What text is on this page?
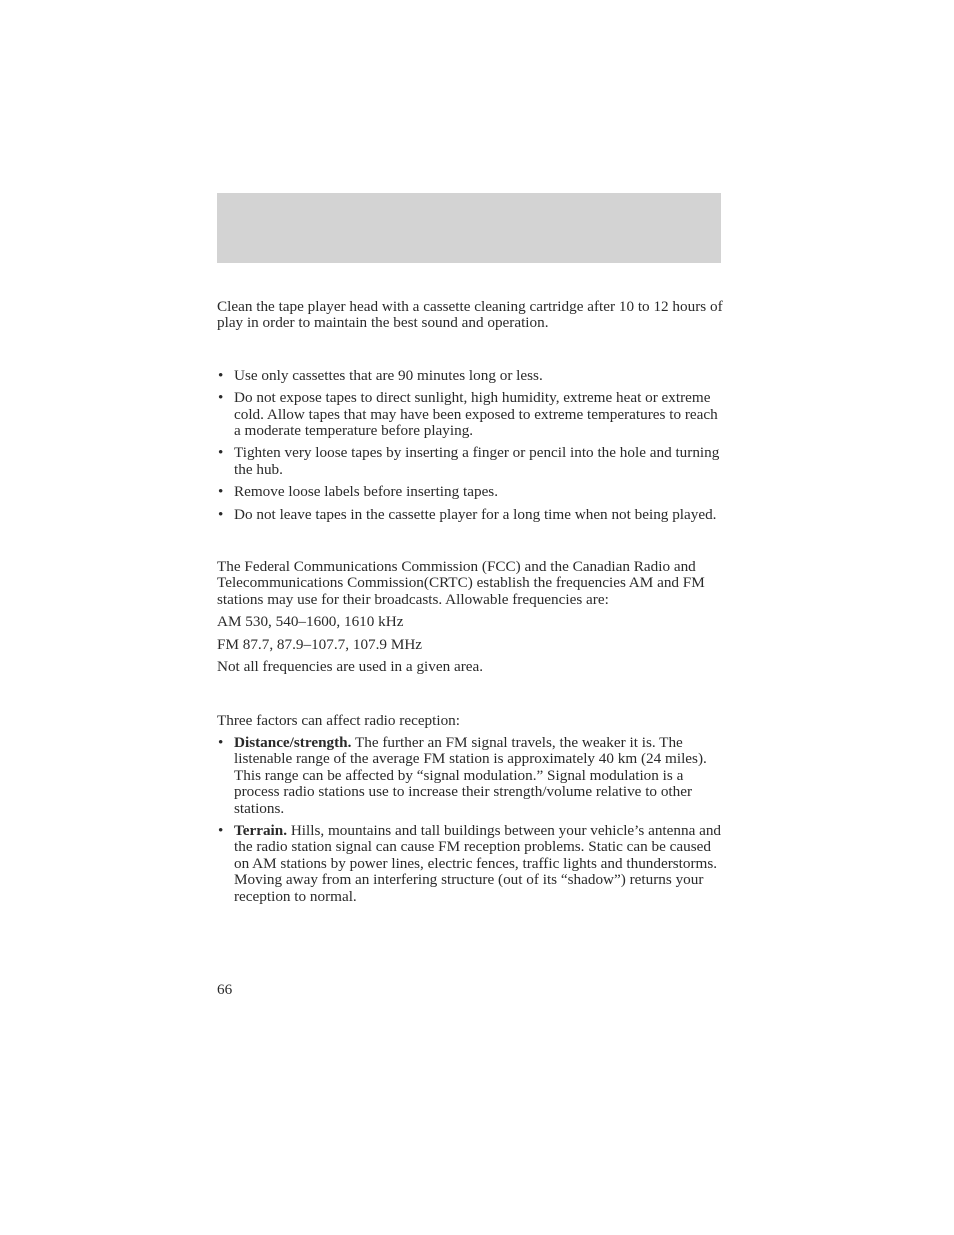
Clean the tape player head with a cassette cleaning cartridge after 10 to 12 hours of play in order to maintain the best sound and operation.

• Use only cassettes that are 90 minutes long or less.
• Do not expose tapes to direct sunlight, high humidity, extreme heat or extreme cold. Allow tapes that may have been exposed to extreme temperatures to reach a moderate temperature before playing.
• Tighten very loose tapes by inserting a finger or pencil into the hole and turning the hub.
• Remove loose labels before inserting tapes.
• Do not leave tapes in the cassette player for a long time when not being played.

The Federal Communications Commission (FCC) and the Canadian Radio and Telecommunications Commission(CRTC) establish the frequencies AM and FM stations may use for their broadcasts. Allowable frequencies are:

AM 530, 540–1600, 1610 kHz

FM 87.7, 87.9–107.7, 107.9 MHz

Not all frequencies are used in a given area.

Three factors can affect radio reception:

• Distance/strength. The further an FM signal travels, the weaker it is. The listenable range of the average FM station is approximately 40 km (24 miles). This range can be affected by “signal modulation.” Signal modulation is a process radio stations use to increase their strength/volume relative to other stations.
• Terrain. Hills, mountains and tall buildings between your vehicle’s antenna and the radio station signal can cause FM reception problems. Static can be caused on AM stations by power lines, electric fences, traffic lights and thunderstorms. Moving away from an interfering structure (out of its “shadow”) returns your reception to normal.
66
